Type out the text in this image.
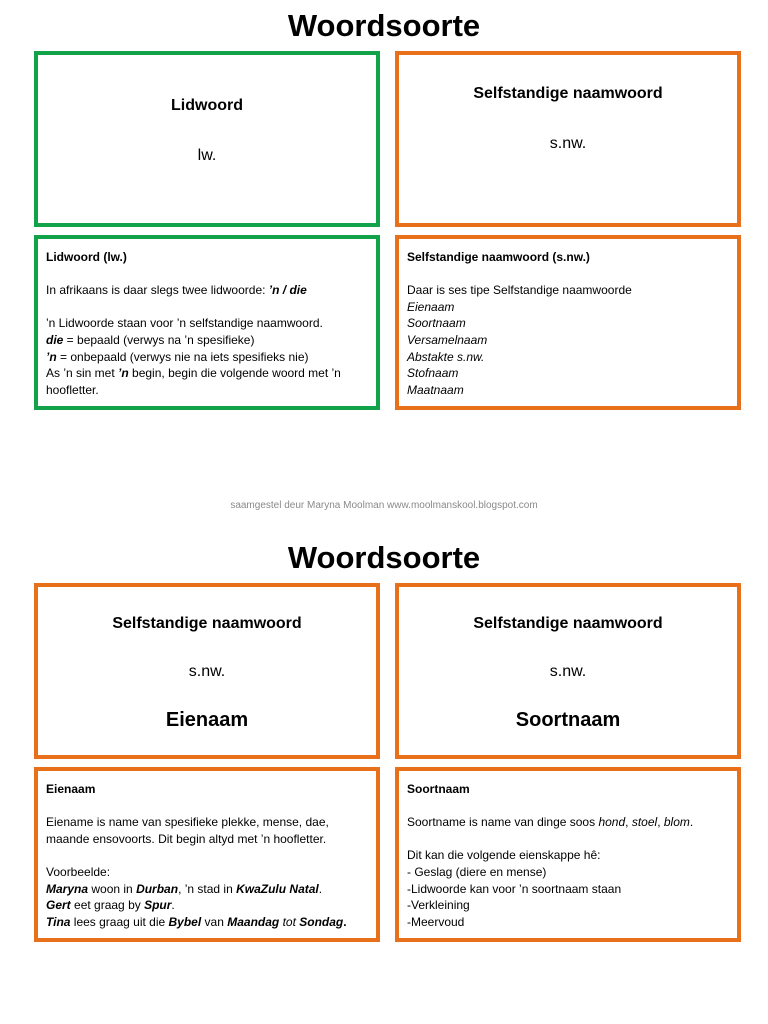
Woordsoorte
Lidwoord
lw.
Selfstandige naamwoord
s.nw.

Lidwoord (lw.)

In afrikaans is daar slegs twee lidwoorde: ’n / die

’n Lidwoorde staan voor ’n selfstandige naamwoord.

die = bepaald (verwys na ’n spesifieke)

’n = onbepaald (verwys nie na iets spesifieks nie)

As ’n sin met ’n begin, begin die volgende woord met ’n hoofletter.

Selfstandige naamwoord (s.nw.)

Daar is ses tipe Selfstandige naamwoorde

Eienaam

Soortnaam

Versamelnaam

Abstakte s.nw.

Stofnaam

Maatnaam

saamgestel deur Maryna Moolman www.moolmanskool.blogspot.com
Woordsoorte
Selfstandige naamwoord
s.nw.
Eienaam
Selfstandige naamwoord
s.nw.
Soortnaam

Eienaam

Eiename is name van spesifieke plekke, mense, dae, maande ensovoorts. Dit begin altyd met ’n hoofletter.

Voorbeelde:

Maryna woon in Durban, ’n stad in KwaZulu Natal.

Gert eet graag by Spur.

Tina lees graag uit die Bybel van Maandag tot Sondag.

Soortnaam

Soortname is name van dinge soos hond, stoel, blom.

Dit kan die volgende eienskappe hê:

- Geslag (diere en mense)

-Lidwoorde kan voor ’n soortnaam staan

-Verkleining

-Meervoud
